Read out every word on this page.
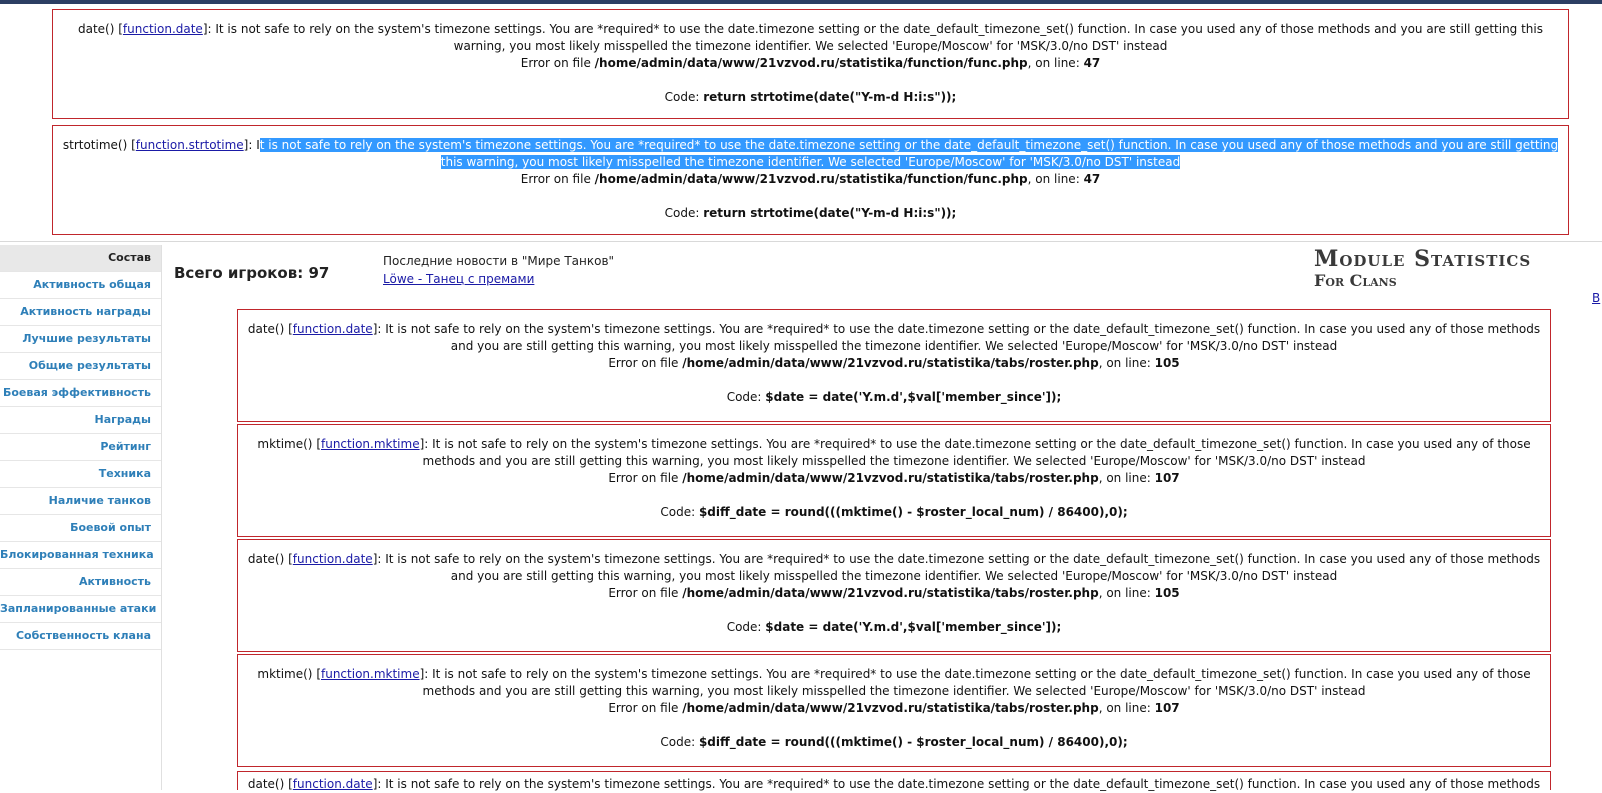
date() [function.date]: It is not safe to rely on the system's timezone settings. You are *required* to use the date.timezone setting or the date_default_timezone_set() function. In case you used any of those methods and you are still getting this
warning, you most likely misspelled the timezone identifier. We selected 'Europe/Moscow' for 'MSK/3.0/no DST' instead
Error on file /home/admin/data/www/21vzvod.ru/statistika/function/func.php, on line: 47
Code: return strtotime(date("Y-m-d H:i:s"));
strtotime() [function.strtotime]: It is not safe to rely on the system's timezone settings. You are *required* to use the date.timezone setting or the date_default_timezone_set() function. In case you used any of those methods and you are still getting
this warning, you most likely misspelled the timezone identifier. We selected 'Europe/Moscow' for 'MSK/3.0/no DST' instead
Error on file /home/admin/data/www/21vzvod.ru/statistika/function/func.php, on line: 47
Code: return strtotime(date("Y-m-d H:i:s"));
Состав
Активность общая
Активность награды
Лучшие результаты
Общие результаты
Боевая эффективность
Награды
Рейтинг
Техника
Наличие танков
Боевой опыт
Блокированная техника
Активность
Запланированные атаки
Собственность клана
Всего игроков: 97
Последние новости в "Мире Танков"
Löwe - Танец с премами
Module Statistics
For Clans
В
date() [function.date]: It is not safe to rely on the system's timezone settings. You are *required* to use the date.timezone setting or the date_default_timezone_set() function. In case you used any of those methods
and you are still getting this warning, you most likely misspelled the timezone identifier. We selected 'Europe/Moscow' for 'MSK/3.0/no DST' instead
Error on file /home/admin/data/www/21vzvod.ru/statistika/tabs/roster.php, on line: 105
Code: $date = date('Y.m.d',$val['member_since']);
mktime() [function.mktime]: It is not safe to rely on the system's timezone settings. You are *required* to use the date.timezone setting or the date_default_timezone_set() function. In case you used any of those
methods and you are still getting this warning, you most likely misspelled the timezone identifier. We selected 'Europe/Moscow' for 'MSK/3.0/no DST' instead
Error on file /home/admin/data/www/21vzvod.ru/statistika/tabs/roster.php, on line: 107
Code: $diff_date = round(((mktime() - $roster_local_num) / 86400),0);
date() [function.date]: It is not safe to rely on the system's timezone settings. You are *required* to use the date.timezone setting or the date_default_timezone_set() function. In case you used any of those methods
and you are still getting this warning, you most likely misspelled the timezone identifier. We selected 'Europe/Moscow' for 'MSK/3.0/no DST' instead
Error on file /home/admin/data/www/21vzvod.ru/statistika/tabs/roster.php, on line: 105
Code: $date = date('Y.m.d',$val['member_since']);
mktime() [function.mktime]: It is not safe to rely on the system's timezone settings. You are *required* to use the date.timezone setting or the date_default_timezone_set() function. In case you used any of those
methods and you are still getting this warning, you most likely misspelled the timezone identifier. We selected 'Europe/Moscow' for 'MSK/3.0/no DST' instead
Error on file /home/admin/data/www/21vzvod.ru/statistika/tabs/roster.php, on line: 107
Code: $diff_date = round(((mktime() - $roster_local_num) / 86400),0);
date() [function.date]: It is not safe to rely on the system's timezone settings. You are *required* to use the date.timezone setting or the date_default_timezone_set() function. In case you used any of those methods
